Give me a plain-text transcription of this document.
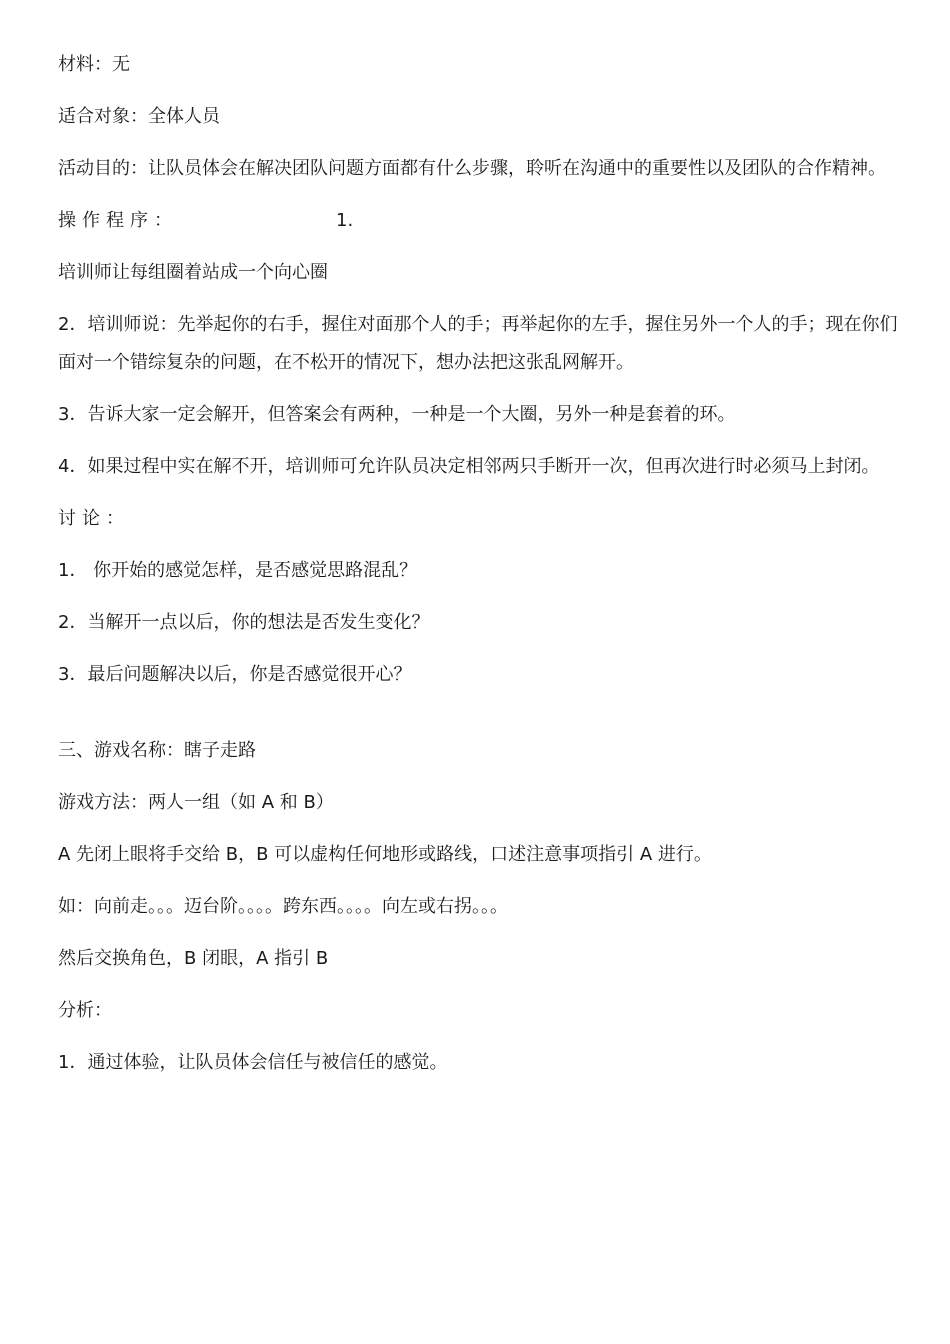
材料：无

适合对象：全体人员

活动目的：让队员体会在解决团队问题方面都有什么步骤，聆听在沟通中的重要性以及团队的合作精神。

操作程序：	1.

培训师让每组圈着站成一个向心圈

2．培训师说：先举起你的右手，握住对面那个人的手；再举起你的左手，握住另外一个人的手；现在你们面对一个错综复杂的问题，在不松开的情况下，想办法把这张乱网解开。

3．告诉大家一定会解开，但答案会有两种，一种是一个大圈，另外一种是套着的环。

4．如果过程中实在解不开，培训师可允许队员决定相邻两只手断开一次，但再次进行时必须马上封闭。

讨论：

1． 你开始的感觉怎样，是否感觉思路混乱？

2．当解开一点以后，你的想法是否发生变化？

3．最后问题解决以后，你是否感觉很开心？

三、游戏名称：瞎子走路

游戏方法：两人一组（如 A 和 B）

A 先闭上眼将手交给 B，B 可以虚构任何地形或路线，口述注意事项指引 A 进行。

如：向前走。。。迈台阶。。。。跨东西。。。。向左或右拐。。。

然后交换角色，B 闭眼，A 指引 B

分析：

1．通过体验，让队员体会信任与被信任的感觉。
